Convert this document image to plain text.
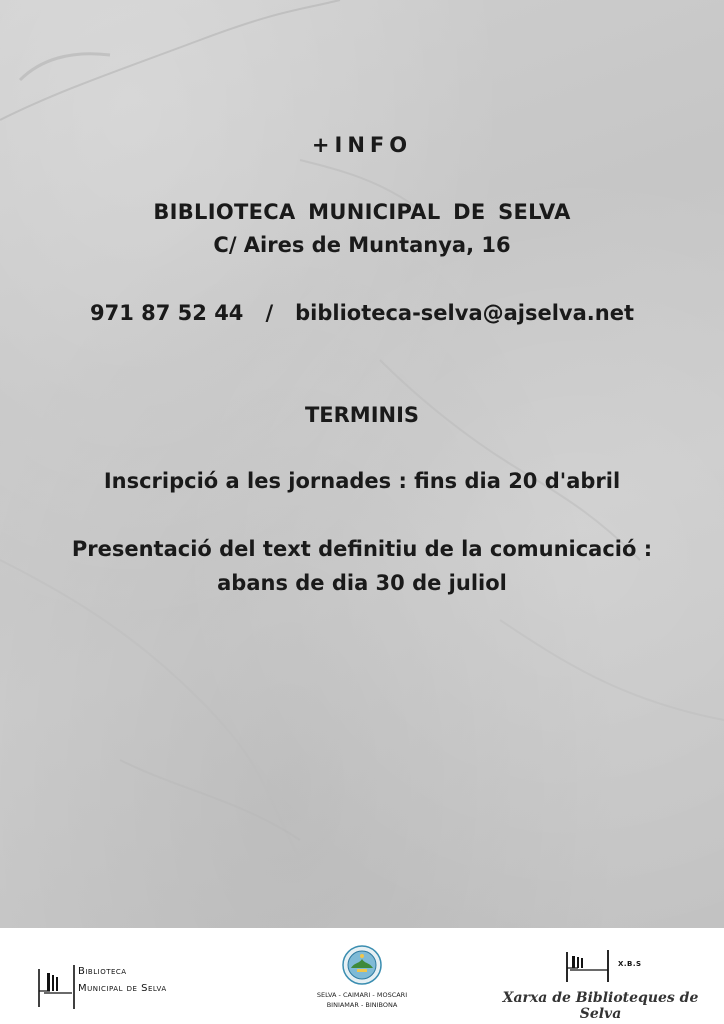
+INFO
BIBLIOTECA MUNICIPAL DE SELVA
C/ Aires de Muntanya, 16
971 87 52 44 / biblioteca-selva@ajselva.net
TERMINIS
Inscripció a les jornades : fins dia 20 d'abril
Presentació del text definitiu de la comunicació :
abans de dia 30 de juliol
Biblioteca
Municipal de Selva
SELVA - CAIMARI - MOSCARI
BINIAMAR - BINIBONA
X.B.S
Xarxa de Biblioteques de Selva
